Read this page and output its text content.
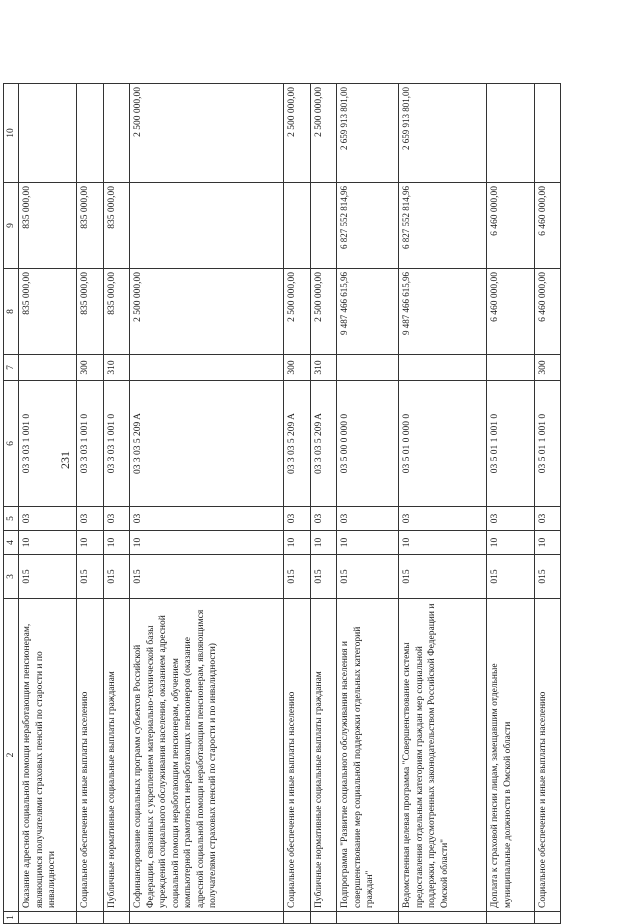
231
1	2	3	4	5	6	7	8	9	10
	Оказание адресной социальной помощи неработающим пенсионерам, являющимся получателями страховых пенсий по старости и по инвалидности	015	10	03	03 3 03 1 001 0		835 000,00	835 000,00	
	Социальное обеспечение и иные выплаты населению	015	10	03	03 3 03 1 001 0	300	835 000,00	835 000,00	
	Публичные нормативные социальные выплаты гражданам	015	10	03	03 3 03 1 001 0	310	835 000,00	835 000,00	
	Софинансирование социальных программ субъектов Российской Федерации, связанных с укреплением материально-технической базы учреждений социального обслуживания населения, оказанием адресной социальной помощи неработающим пенсионерам, обучением компьютерной грамотности неработающих пенсионеров (оказание адресной социальной помощи неработающим пенсионерам, являющимся получателями страховых пенсий по старости и по инвалидности)	015	10	03	03 3 03 5 209 A		2 500 000,00		2 500 000,00
	Социальное обеспечение и иные выплаты населению	015	10	03	03 3 03 5 209 A	300	2 500 000,00		2 500 000,00
	Публичные нормативные социальные выплаты гражданам	015	10	03	03 3 03 5 209 A	310	2 500 000,00		2 500 000,00
	Подпрограмма "Развитие социального обслуживания населения и совершенствование мер социальной поддержки отдельных категорий граждан"	015	10	03	03 5 00 0 000 0		9 487 466 615,96	6 827 552 814,96	2 659 913 801,00
	Ведомственная целевая программа "Совершенствование системы предоставления отдельным категориям граждан мер социальной поддержки, предусмотренных законодательством Российской Федерации и Омской области"	015	10	03	03 5 01 0 000 0		9 487 466 615,96	6 827 552 814,96	2 659 913 801,00
	Доплата к страховой пенсии лицам, замещавшим отдельные муниципальные должности в Омской области	015	10	03	03 5 01 1 001 0		6 460 000,00	6 460 000,00	
	Социальное обеспечение и иные выплаты населению	015	10	03	03 5 01 1 001 0	300	6 460 000,00	6 460 000,00	
